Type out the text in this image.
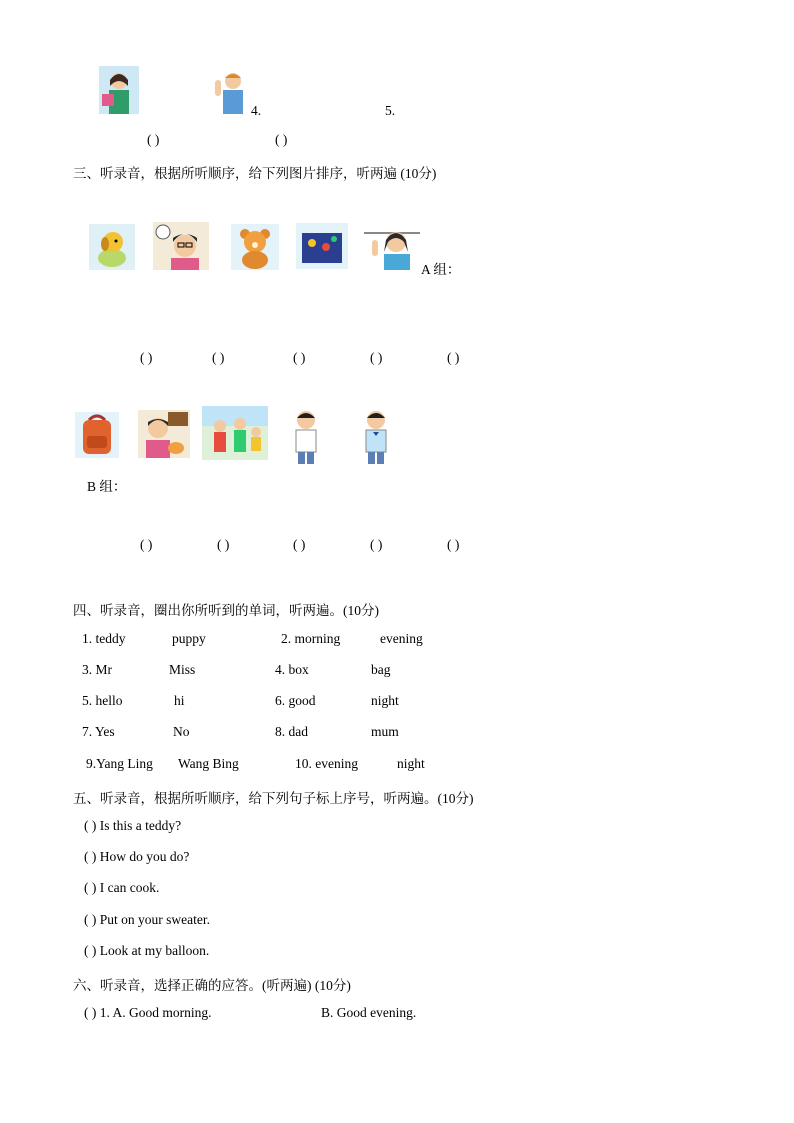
4.	5.
( )	( )
三、听录音，根据所听顺序，给下列图片排序，听两遍 (10分)
A 组：
( )	( )	( )	( )	( )
B 组：
( )	( )	( )	( )	( )
四、听录音，圈出你所听到的单词，听两遍。(10分)
1. teddy	puppy	2. morning	evening
3. Mr	Miss	4. box	bag
5. hello	hi	6. good	night
7. Yes	No	8. dad	mum
9.Yang Ling Wang Bing	10. evening	night
五、听录音，根据所听顺序，给下列句子标上序号，听两遍。(10分)
( ) Is this a teddy?
( ) How do you do?
( ) I can cook.
( ) Put on your sweater.
( ) Look at my balloon.
六、听录音，选择正确的应答。(听两遍) (10分)
( ) 1. A. Good morning.	B. Good evening.
